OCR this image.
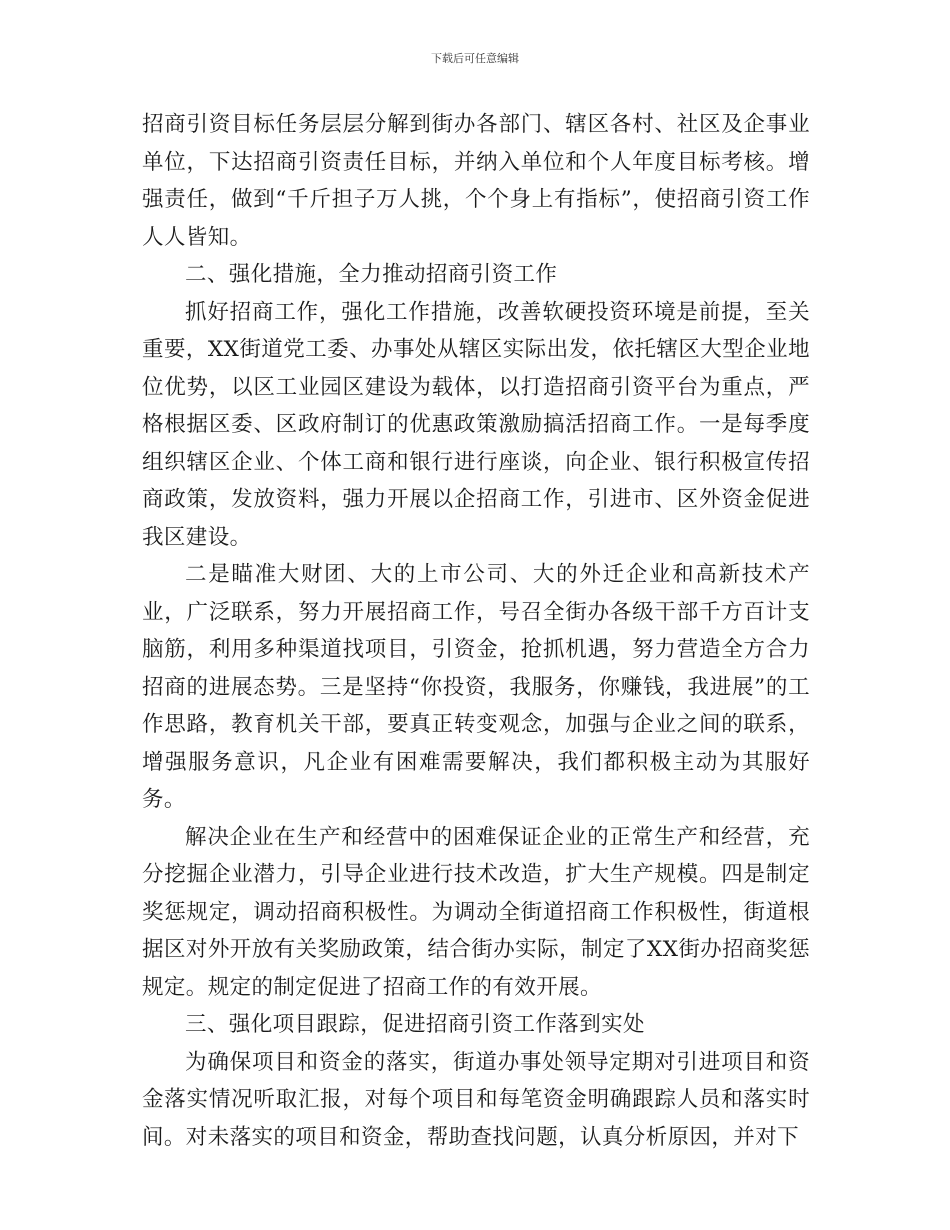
下载后可任意编辑

招商引资目标任务层层分解到街办各部门、辖区各村、社区及企事业单位，下达招商引资责任目标，并纳入单位和个人年度目标考核。增强责任，做到“千斤担子万人挑，个个身上有指标”，使招商引资工作人人皆知。

二、强化措施，全力推动招商引资工作

抓好招商工作，强化工作措施，改善软硬投资环境是前提，至关重要，XX街道党工委、办事处从辖区实际出发，依托辖区大型企业地位优势，以区工业园区建设为载体，以打造招商引资平台为重点，严格根据区委、区政府制订的优惠政策激励搞活招商工作。一是每季度组织辖区企业、个体工商和银行进行座谈，向企业、银行积极宣传招商政策，发放资料，强力开展以企招商工作，引进市、区外资金促进我区建设。

二是瞄准大财团、大的上市公司、大的外迁企业和高新技术产业，广泛联系，努力开展招商工作，号召全街办各级干部千方百计支脑筋，利用多种渠道找项目，引资金，抢抓机遇，努力营造全方合力招商的进展态势。三是坚持“你投资，我服务，你赚钱，我进展”的工作思路，教育机关干部，要真正转变观念，加强与企业之间的联系，增强服务意识，凡企业有困难需要解决，我们都积极主动为其服好务。

解决企业在生产和经营中的困难保证企业的正常生产和经营，充分挖掘企业潜力，引导企业进行技术改造，扩大生产规模。四是制定奖惩规定，调动招商积极性。为调动全街道招商工作积极性，街道根据区对外开放有关奖励政策，结合街办实际，制定了XX街办招商奖惩规定。规定的制定促进了招商工作的有效开展。

三、强化项目跟踪，促进招商引资工作落到实处

为确保项目和资金的落实，街道办事处领导定期对引进项目和资金落实情况听取汇报，对每个项目和每笔资金明确跟踪人员和落实时间。对未落实的项目和资金，帮助查找问题，认真分析原因，并对下
